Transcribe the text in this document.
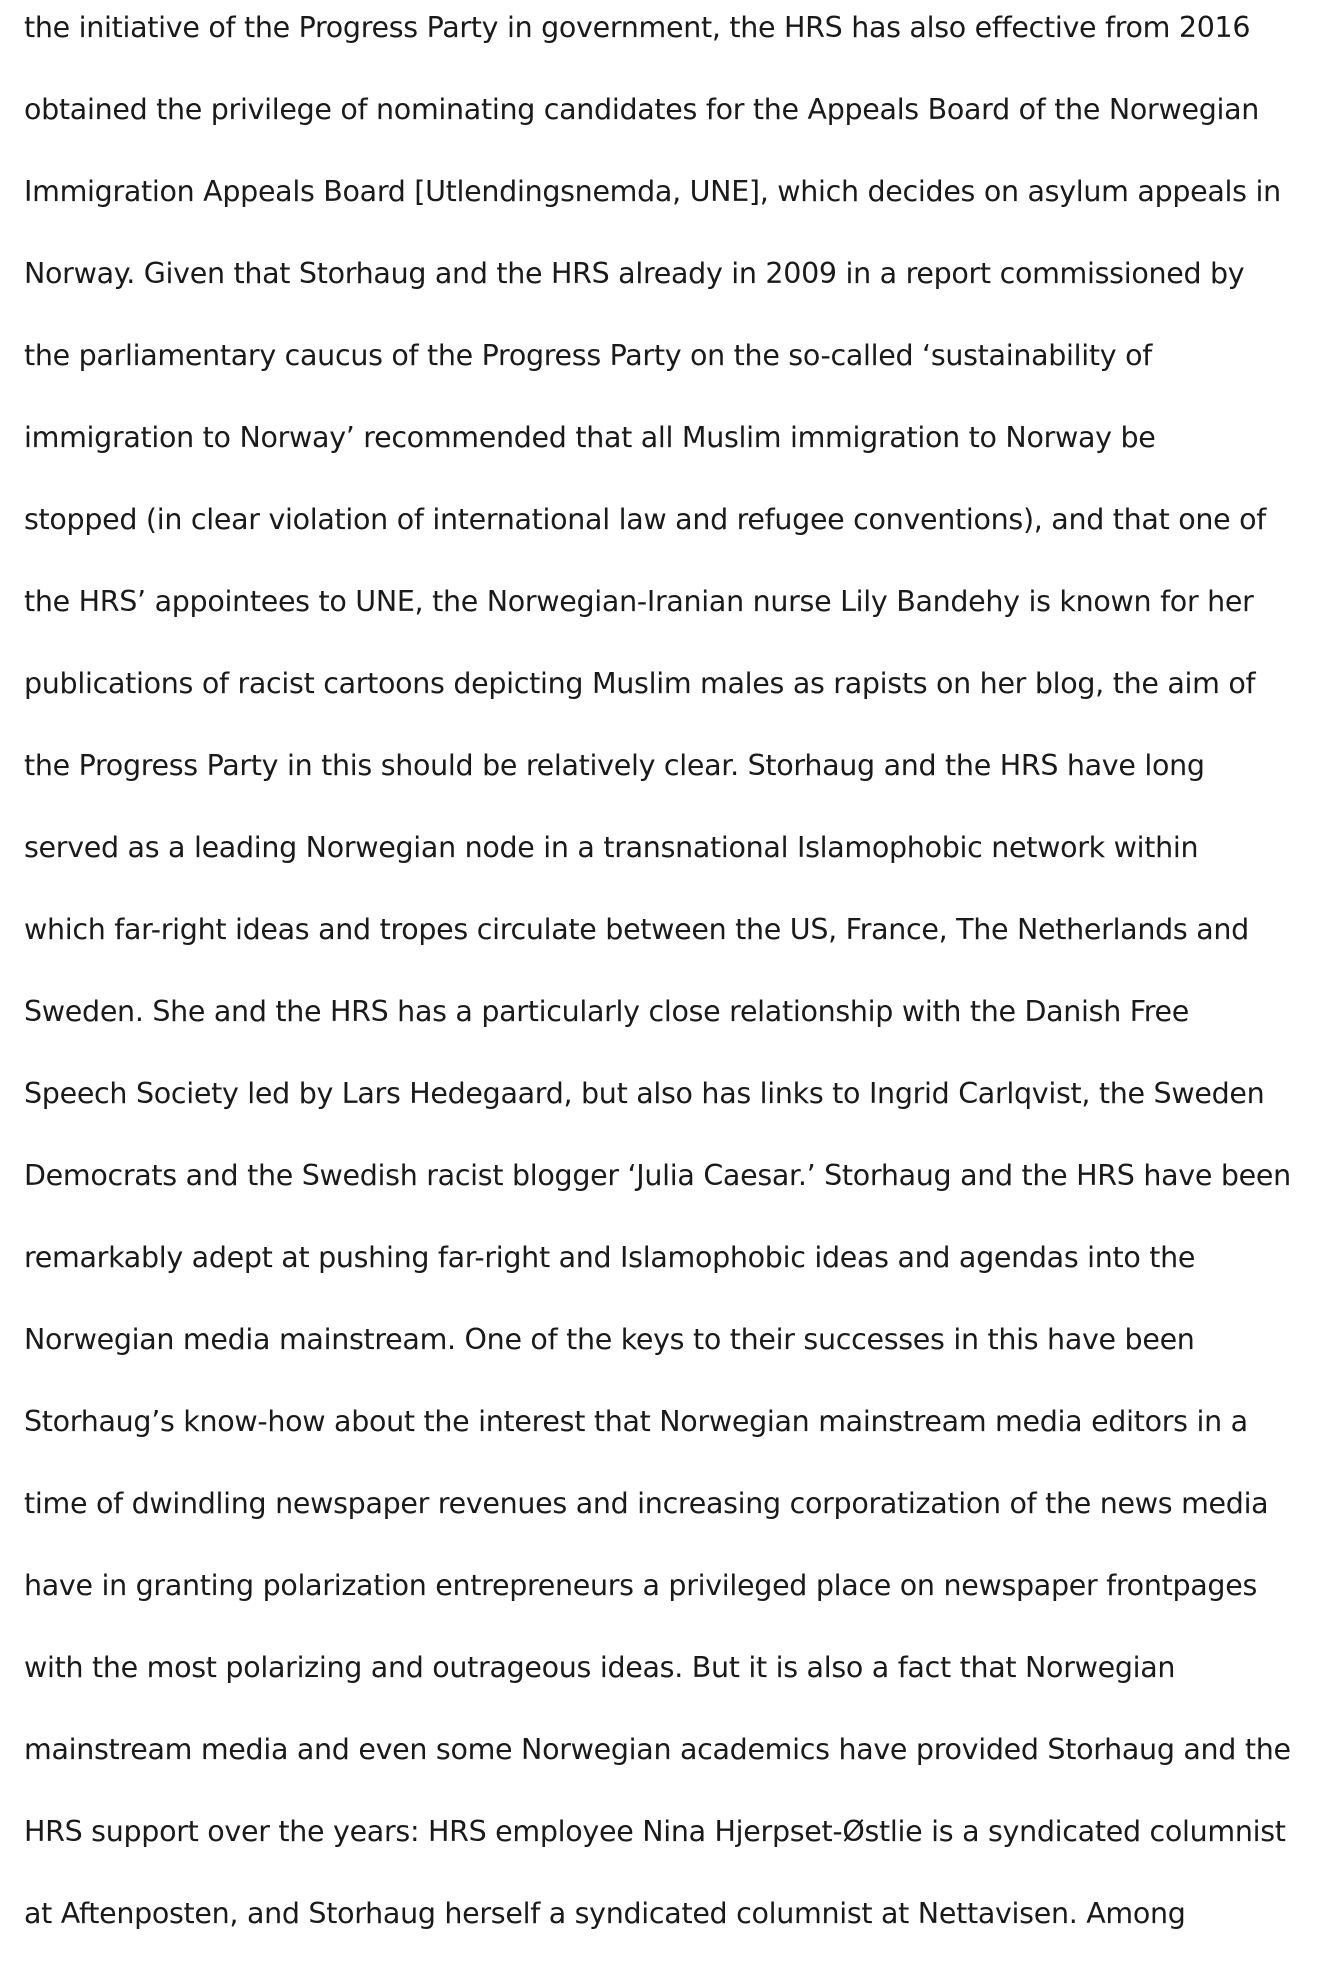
the initiative of the Progress Party in government, the HRS has also effective from 2016

obtained the privilege of nominating candidates for the Appeals Board of the Norwegian

Immigration Appeals Board [Utlendingsnemda, UNE], which decides on asylum appeals in

Norway. Given that Storhaug and the HRS already in 2009 in a report commissioned by

the parliamentary caucus of the Progress Party on the so-called ‘sustainability of

immigration to Norway’ recommended that all Muslim immigration to Norway be

stopped (in clear violation of international law and refugee conventions), and that one of

the HRS’ appointees to UNE, the Norwegian-Iranian nurse Lily Bandehy is known for her

publications of racist cartoons depicting Muslim males as rapists on her blog, the aim of

the Progress Party in this should be relatively clear. Storhaug and the HRS have long

served as a leading Norwegian node in a transnational Islamophobic network within

which far-right ideas and tropes circulate between the US, France, The Netherlands and

Sweden. She and the HRS has a particularly close relationship with the Danish Free

Speech Society led by Lars Hedegaard, but also has links to Ingrid Carlqvist, the Sweden

Democrats and the Swedish racist blogger ‘Julia Caesar.’ Storhaug and the HRS have been

remarkably adept at pushing far-right and Islamophobic ideas and agendas into the

Norwegian media mainstream. One of the keys to their successes in this have been

Storhaug’s know-how about the interest that Norwegian mainstream media editors in a

time of dwindling newspaper revenues and increasing corporatization of the news media

have in granting polarization entrepreneurs a privileged place on newspaper frontpages

with the most polarizing and outrageous ideas. But it is also a fact that Norwegian

mainstream media and even some Norwegian academics have provided Storhaug and the

HRS support over the years: HRS employee Nina Hjerpset-Østlie is a syndicated columnist

at Aftenposten, and Storhaug herself a syndicated columnist at Nettavisen. Among
